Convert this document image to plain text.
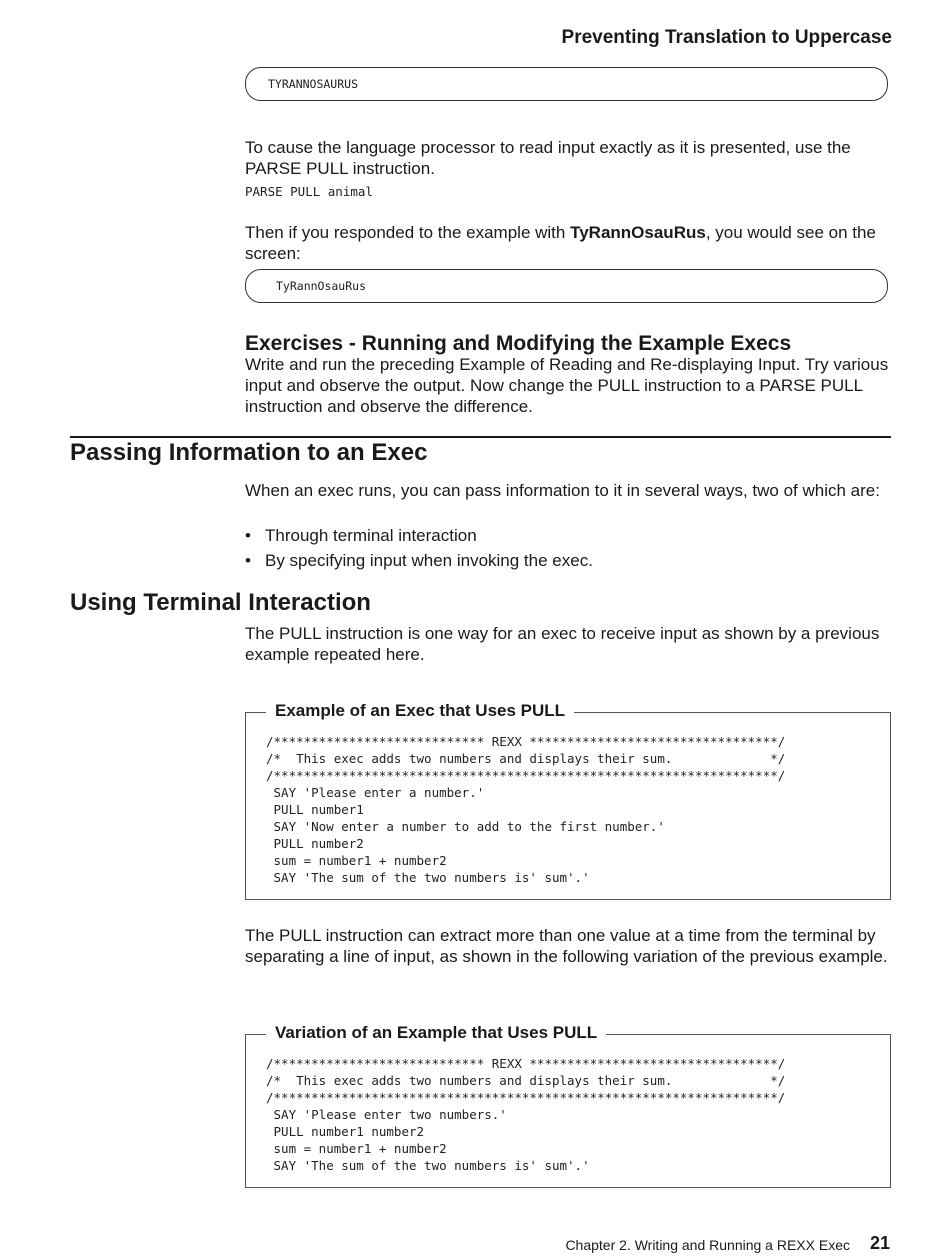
Preventing Translation to Uppercase
TYRANNOSAURUS
To cause the language processor to read input exactly as it is presented, use the PARSE PULL instruction.
PARSE PULL animal
Then if you responded to the example with TyRannOsauRus, you would see on the screen:
TyRannOsauRus
Exercises - Running and Modifying the Example Execs
Write and run the preceding Example of Reading and Re-displaying Input. Try various input and observe the output. Now change the PULL instruction to a PARSE PULL instruction and observe the difference.
Passing Information to an Exec
When an exec runs, you can pass information to it in several ways, two of which are:
• Through terminal interaction
• By specifying input when invoking the exec.
Using Terminal Interaction
The PULL instruction is one way for an exec to receive input as shown by a previous example repeated here.
Example of an Exec that Uses PULL
/**************************** REXX *********************************/
/*  This exec adds two numbers and displays their sum.             */
/*******************************************************************/
SAY 'Please enter a number.'
PULL number1
SAY 'Now enter a number to add to the first number.'
PULL number2
sum = number1 + number2
SAY 'The sum of the two numbers is' sum'.'
The PULL instruction can extract more than one value at a time from the terminal by separating a line of input, as shown in the following variation of the previous example.
Variation of an Example that Uses PULL
/**************************** REXX *********************************/
/*  This exec adds two numbers and displays their sum.             */
/*******************************************************************/
SAY 'Please enter two numbers.'
PULL number1 number2
sum = number1 + number2
SAY 'The sum of the two numbers is' sum'.'
Chapter 2. Writing and Running a REXX Exec 21
